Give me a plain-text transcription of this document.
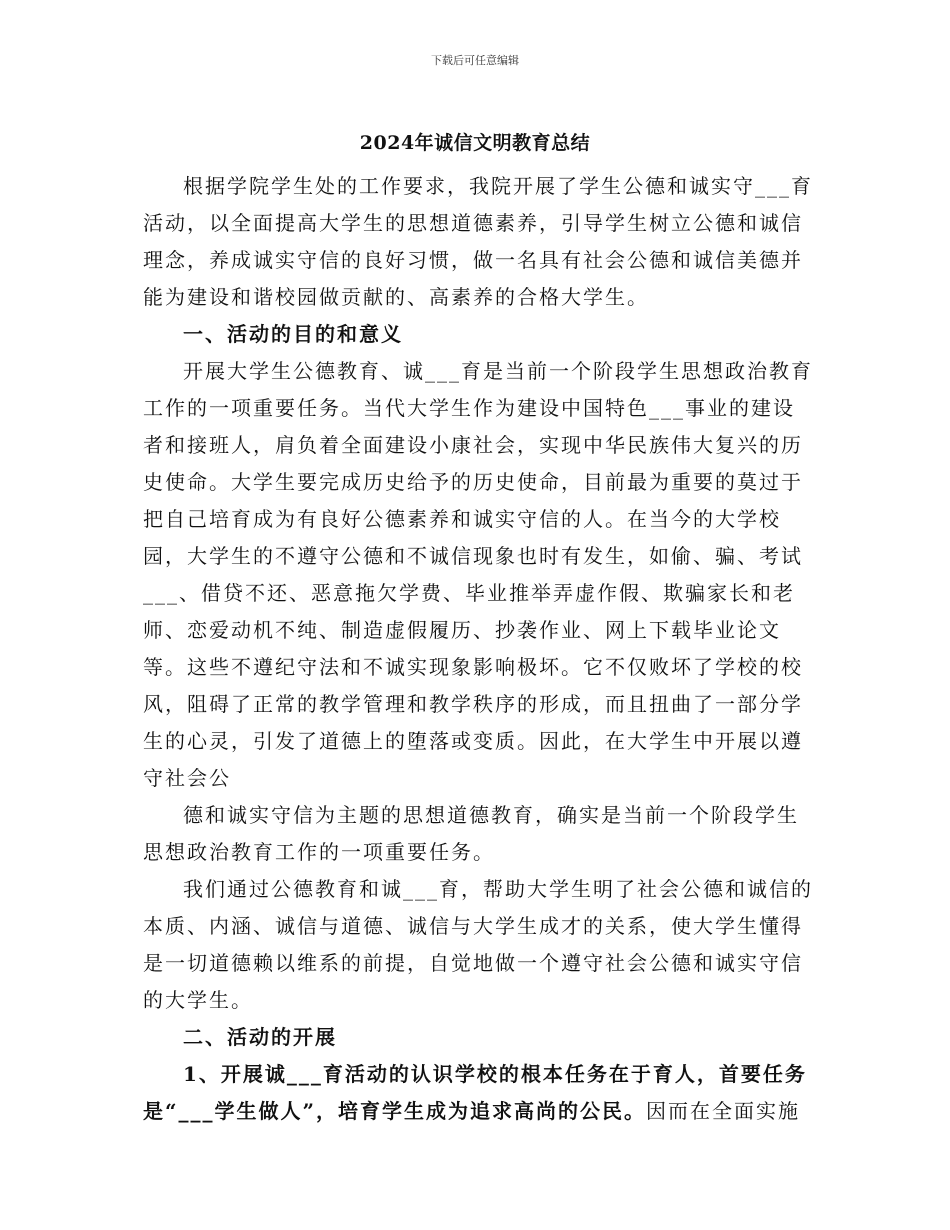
下载后可任意编辑
2024年诚信文明教育总结

根据学院学生处的工作要求，我院开展了学生公德和诚实守___育活动，以全面提高大学生的思想道德素养，引导学生树立公德和诚信理念，养成诚实守信的良好习惯，做一名具有社会公德和诚信美德并能为建设和谐校园做贡献的、高素养的合格大学生。

一、活动的目的和意义

开展大学生公德教育、诚___育是当前一个阶段学生思想政治教育工作的一项重要任务。当代大学生作为建设中国特色___事业的建设者和接班人，肩负着全面建设小康社会，实现中华民族伟大复兴的历史使命。大学生要完成历史给予的历史使命，目前最为重要的莫过于把自己培育成为有良好公德素养和诚实守信的人。在当今的大学校园，大学生的不遵守公德和不诚信现象也时有发生，如偷、骗、考试___、借贷不还、恶意拖欠学费、毕业推举弄虚作假、欺骗家长和老师、恋爱动机不纯、制造虚假履历、抄袭作业、网上下载毕业论文等。这些不遵纪守法和不诚实现象影响极坏。它不仅败坏了学校的校风，阻碍了正常的教学管理和教学秩序的形成，而且扭曲了一部分学生的心灵，引发了道德上的堕落或变质。因此，在大学生中开展以遵守社会公

德和诚实守信为主题的思想道德教育，确实是当前一个阶段学生思想政治教育工作的一项重要任务。

我们通过公德教育和诚___育，帮助大学生明了社会公德和诚信的本质、内涵、诚信与道德、诚信与大学生成才的关系，使大学生懂得是一切道德赖以维系的前提，自觉地做一个遵守社会公德和诚实守信的大学生。

二、活动的开展

1、开展诚___育活动的认识学校的根本任务在于育人，首要任务是“___学生做人”，培育学生成为追求高尚的公民。因而在全面实施
